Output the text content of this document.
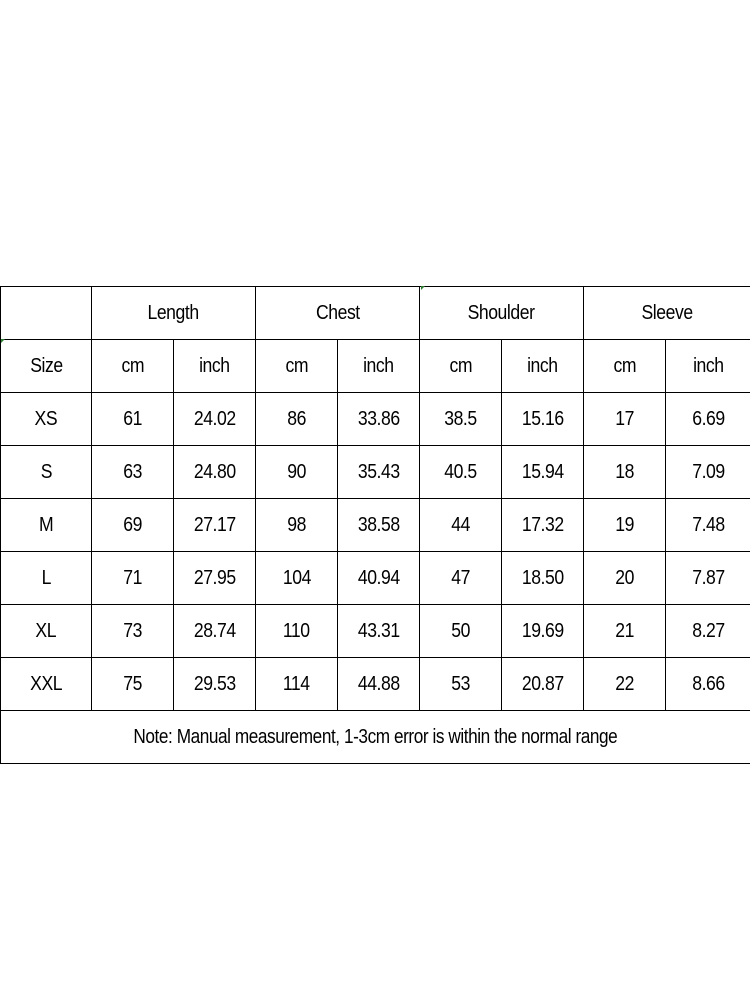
	Length		Chest		Shoulder		Sleeve	
Size	cm	inch	cm	inch	cm	inch	cm	inch
XS	61	24.02	86	33.86	38.5	15.16	17	6.69
S	63	24.80	90	35.43	40.5	15.94	18	7.09
M	69	27.17	98	38.58	44	17.32	19	7.48
L	71	27.95	104	40.94	47	18.50	20	7.87
XL	73	28.74	110	43.31	50	19.69	21	8.27
XXL	75	29.53	114	44.88	53	20.87	22	8.66
Note: Manual measurement, 1-3cm error is within the normal range								
